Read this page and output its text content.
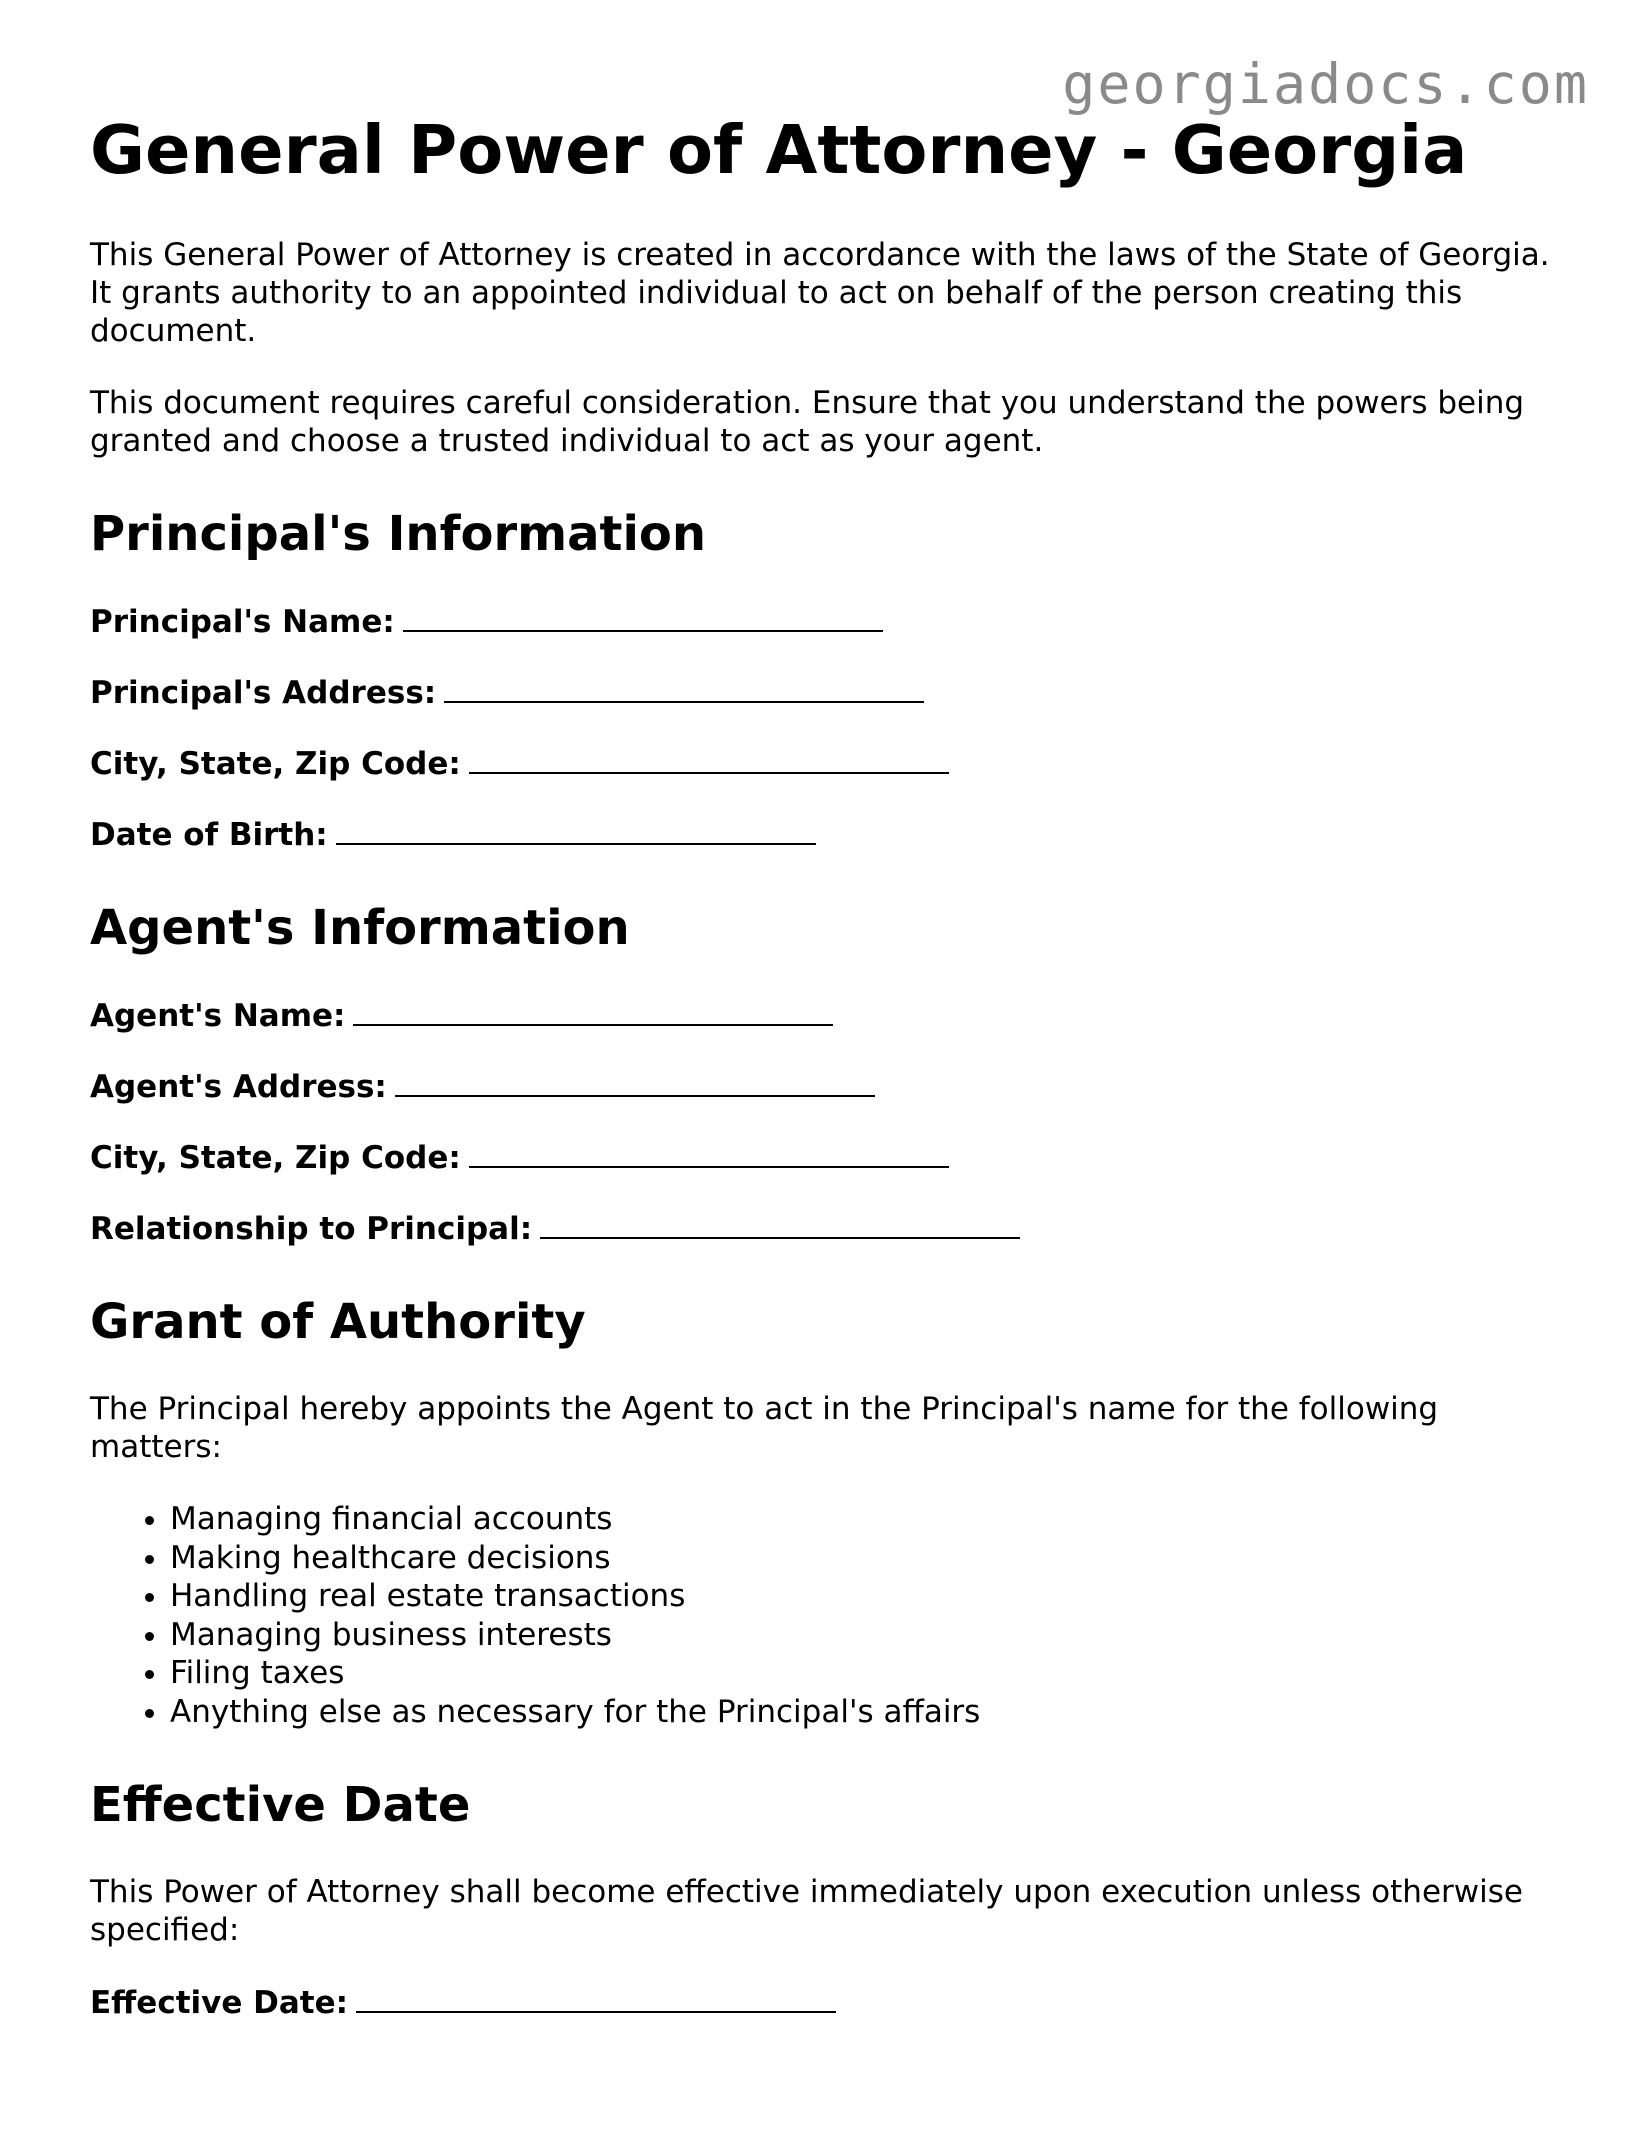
georgiadocs.com
General Power of Attorney - Georgia

This General Power of Attorney is created in accordance with the laws of the State of Georgia. It grants authority to an appointed individual to act on behalf of the person creating this document.

This document requires careful consideration. Ensure that you understand the powers being granted and choose a trusted individual to act as your agent.

Principal's Information
Principal's Name:
Principal's Address:
City, State, Zip Code:
Date of Birth:
Agent's Information
Agent's Name:
Agent's Address:
City, State, Zip Code:
Relationship to Principal:
Grant of Authority

The Principal hereby appoints the Agent to act in the Principal's name for the following matters:

• Managing financial accounts
• Making healthcare decisions
• Handling real estate transactions
• Managing business interests
• Filing taxes
• Anything else as necessary for the Principal's affairs
Effective Date

This Power of Attorney shall become effective immediately upon execution unless otherwise specified:

Effective Date:
